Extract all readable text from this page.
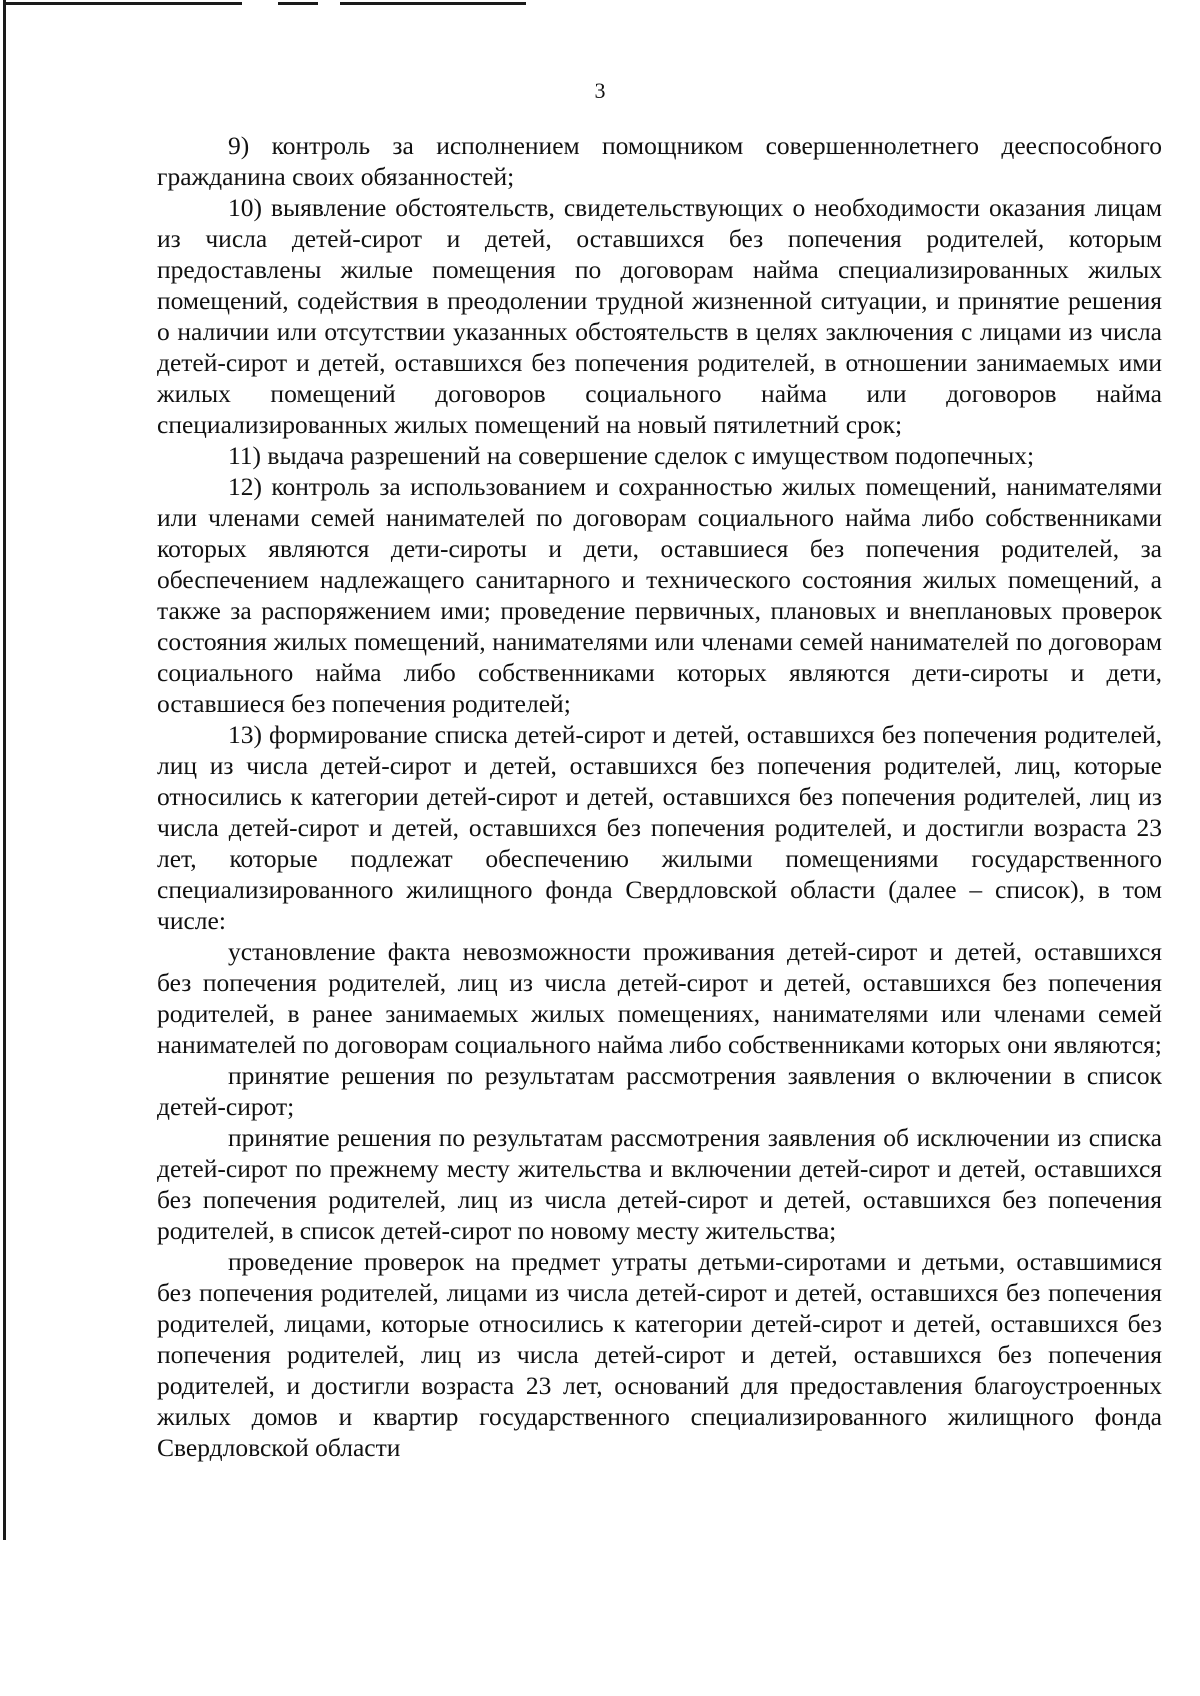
3

9) контроль за исполнением помощником совершеннолетнего дееспособного гражданина своих обязанностей;

10) выявление обстоятельств, свидетельствующих о необходимости оказания лицам из числа детей-сирот и детей, оставшихся без попечения родителей, которым предоставлены жилые помещения по договорам найма специализированных жилых помещений, содействия в преодолении трудной жизненной ситуации, и принятие решения о наличии или отсутствии указанных обстоятельств в целях заключения с лицами из числа детей-сирот и детей, оставшихся без попечения родителей, в отношении занимаемых ими жилых помещений договоров социального найма или договоров найма специализированных жилых помещений на новый пятилетний срок;

11) выдача разрешений на совершение сделок с имуществом подопечных;

12) контроль за использованием и сохранностью жилых помещений, нанимателями или членами семей нанимателей по договорам социального найма либо собственниками которых являются дети-сироты и дети, оставшиеся без попечения родителей, за обеспечением надлежащего санитарного и технического состояния жилых помещений, а также за распоряжением ими; проведение первичных, плановых и внеплановых проверок состояния жилых помещений, нанимателями или членами семей нанимателей по договорам социального найма либо собственниками которых являются дети-сироты и дети, оставшиеся без попечения родителей;

13) формирование списка детей-сирот и детей, оставшихся без попечения родителей, лиц из числа детей-сирот и детей, оставшихся без попечения родителей, лиц, которые относились к категории детей-сирот и детей, оставшихся без попечения родителей, лиц из числа детей-сирот и детей, оставшихся без попечения родителей, и достигли возраста 23 лет, которые подлежат обеспечению жилыми помещениями государственного специализированного жилищного фонда Свердловской области (далее – список), в том числе:

установление факта невозможности проживания детей-сирот и детей, оставшихся без попечения родителей, лиц из числа детей-сирот и детей, оставшихся без попечения родителей, в ранее занимаемых жилых помещениях, нанимателями или членами семей нанимателей по договорам социального найма либо собственниками которых они являются;

принятие решения по результатам рассмотрения заявления о включении в список детей-сирот;

принятие решения по результатам рассмотрения заявления об исключении из списка детей-сирот по прежнему месту жительства и включении детей-сирот и детей, оставшихся без попечения родителей, лиц из числа детей-сирот и детей, оставшихся без попечения родителей, в список детей-сирот по новому месту жительства;

проведение проверок на предмет утраты детьми-сиротами и детьми, оставшимися без попечения родителей, лицами из числа детей-сирот и детей, оставшихся без попечения родителей, лицами, которые относились к категории детей-сирот и детей, оставшихся без попечения родителей, лиц из числа детей-сирот и детей, оставшихся без попечения родителей, и достигли возраста 23 лет, оснований для предоставления благоустроенных жилых домов и квартир государственного специализированного жилищного фонда Свердловской области
